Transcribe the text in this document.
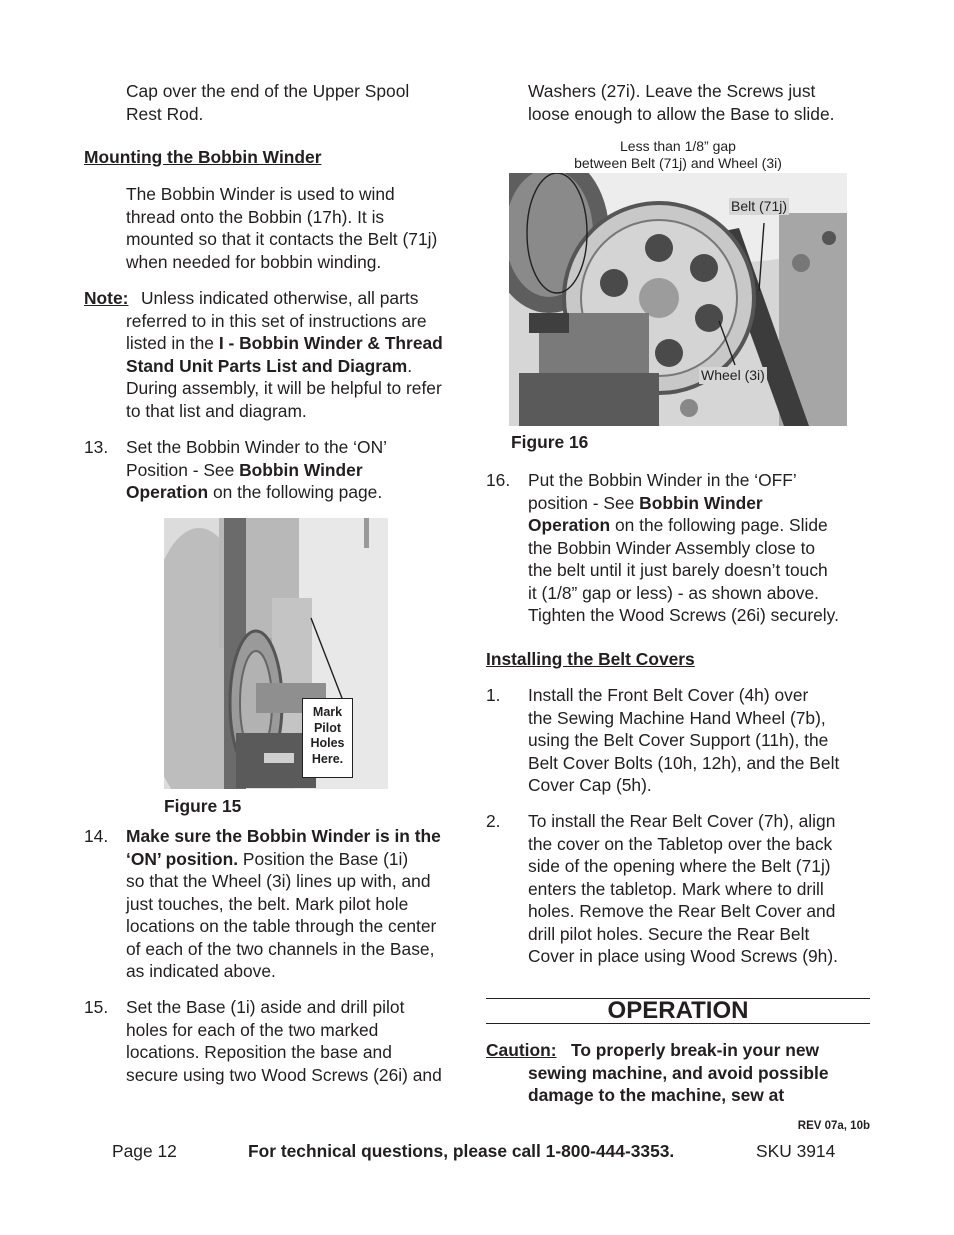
Cap over the end of the Upper Spool

Rest Rod.

Mounting the Bobbin Winder

The Bobbin Winder is used to wind

thread onto the Bobbin (17h). It is

mounted so that it contacts the Belt (71j)

when needed for bobbin winding.

Note: Unless indicated otherwise, all parts
referred to in this set of instructions are
listed in the I - Bobbin Winder & Thread
Stand Unit Parts List and Diagram.
During assembly, it will be helpful to refer
to that list and diagram.
13. Set the Bobbin Winder to the ‘ON’
Position - See Bobbin Winder
Operation on the following page.
Mark
Pilot
Holes
Here.
Figure 15
14. Make sure the Bobbin Winder is in the
‘ON’ position. Position the Base (1i)
so that the Wheel (3i) lines up with, and
just touches, the belt. Mark pilot hole
locations on the table through the center
of each of the two channels in the Base,
as indicated above.
15. Set the Base (1i) aside and drill pilot
holes for each of the two marked
locations. Reposition the base and
secure using two Wood Screws (26i) and

Washers (27i). Leave the Screws just

loose enough to allow the Base to slide.

Less than 1/8” gap
between Belt (71j) and Wheel (3i)
Belt (71j)
Wheel (3i)
Figure 16
16. Put the Bobbin Winder in the ‘OFF’
position - See Bobbin Winder
Operation on the following page. Slide
the Bobbin Winder Assembly close to
the belt until it just barely doesn’t touch
it (1/8” gap or less) - as shown above.
Tighten the Wood Screws (26i) securely.
Installing the Belt Covers
1. Install the Front Belt Cover (4h) over
the Sewing Machine Hand Wheel (7b),
using the Belt Cover Support (11h), the
Belt Cover Bolts (10h, 12h), and the Belt
Cover Cap (5h).
2. To install the Rear Belt Cover (7h), align
the cover on the Tabletop over the back
side of the opening where the Belt (71j)
enters the tabletop. Mark where to drill
holes. Remove the Rear Belt Cover and
drill pilot holes. Secure the Rear Belt
Cover in place using Wood Screws (9h).
OPERATION
Caution: To properly break-in your new
sewing machine, and avoid possible
damage to the machine, sew at
REV 07a, 10b
Page 12	For technical questions, please call 1-800-444-3353.	SKU 3914
